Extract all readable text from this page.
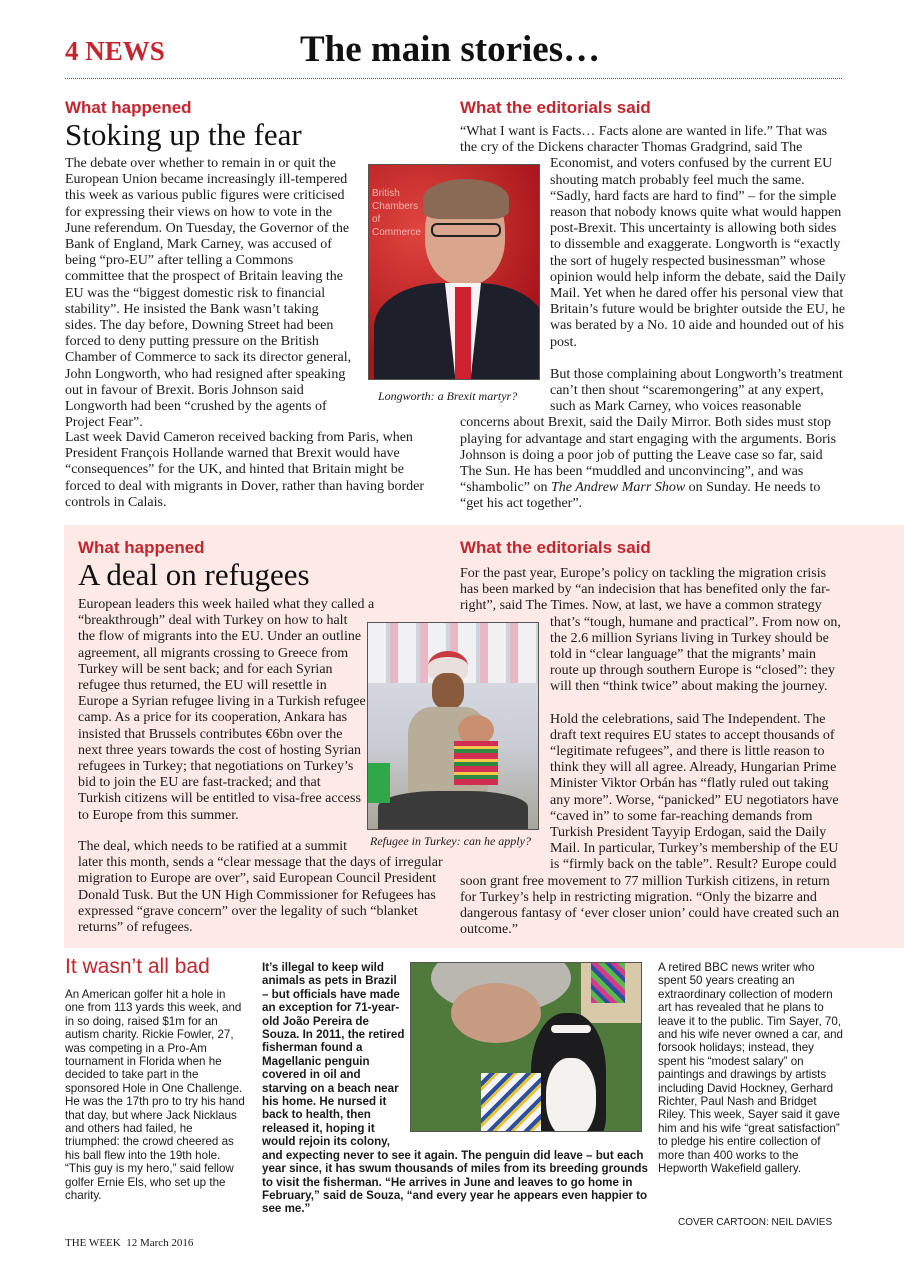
4 NEWS	The main stories…
What happened
Stoking up the fear

The debate over whether to remain in or quit the European Union became increasingly ill-tempered this week as various public figures were criticised for expressing their views on how to vote in the June referendum. On Tuesday, the Governor of the Bank of England, Mark Carney, was accused of being “pro-EU” after telling a Commons committee that the prospect of Britain leaving the EU was the “biggest domestic risk to financial stability”. He insisted the Bank wasn’t taking sides. The day before, Downing Street had been forced to deny putting pressure on the British Chamber of Commerce to sack its director general, John Longworth, who had resigned after speaking out in favour of Brexit. Boris Johnson said Longworth had been “crushed by the agents of Project Fear”.

Last week David Cameron received backing from Paris, when President François Hollande warned that Brexit would have “consequences” for the UK, and hinted that Britain might be forced to deal with migrants in Dover, rather than having border controls in Calais.

British Chambers of Commerce
Longworth: a Brexit martyr?
What the editorials said

“What I want is Facts… Facts alone are wanted in life.” That was the cry of the Dickens character Thomas Gradgrind, said The Economist, and voters confused by the current EU shouting match probably feel much the same. “Sadly, hard facts are hard to find” – for the simple reason that nobody knows quite what would happen post-Brexit. This uncertainty is allowing both sides to dissemble and exaggerate. Longworth is “exactly the sort of hugely respected businessman” whose opinion would help inform the debate, said the Daily Mail. Yet when he dared offer his personal view that Britain’s future would be brighter outside the EU, he was berated by a No. 10 aide and hounded out of his post.

But those complaining about Longworth’s treatment can’t then shout “scaremongering” at any expert, such as Mark Carney, who voices reasonable concerns about Brexit, said the Daily Mirror. Both sides must stop playing for advantage and start engaging with the arguments. Boris Johnson is doing a poor job of putting the Leave case so far, said The Sun. He has been “muddled and unconvincing”, and was “shambolic” on The Andrew Marr Show on Sunday. He needs to “get his act together”.

What happened
A deal on refugees

European leaders this week hailed what they called a “breakthrough” deal with Turkey on how to halt the flow of migrants into the EU. Under an outline agreement, all migrants crossing to Greece from Turkey will be sent back; and for each Syrian refugee thus returned, the EU will resettle in Europe a Syrian refugee living in a Turkish refugee camp. As a price for its cooperation, Ankara has insisted that Brussels contributes €6bn over the next three years towards the cost of hosting Syrian refugees in Turkey; that negotiations on Turkey’s bid to join the EU are fast-tracked; and that Turkish citizens will be entitled to visa-free access to Europe from this summer.

The deal, which needs to be ratified at a summit later this month, sends a “clear message that the days of irregular migration to Europe are over”, said European Council President Donald Tusk. But the UN High Commissioner for Refugees has expressed “grave concern” over the legality of such “blanket returns” of refugees.

Refugee in Turkey: can he apply?
What the editorials said

For the past year, Europe’s policy on tackling the migration crisis has been marked by “an indecision that has benefited only the far-right”, said The Times. Now, at last, we have a common strategy that’s “tough, humane and practical”. From now on, the 2.6 million Syrians living in Turkey should be told in “clear language” that the migrants’ main route up through southern Europe is “closed”: they will then “think twice” about making the journey.

Hold the celebrations, said The Independent. The draft text requires EU states to accept thousands of “legitimate refugees”, and there is little reason to think they will all agree. Already, Hungarian Prime Minister Viktor Orbán has “flatly ruled out taking any more”. Worse, “panicked” EU negotiators have “caved in” to some far-reaching demands from Turkish President Tayyip Erdogan, said the Daily Mail. In particular, Turkey’s membership of the EU is “firmly back on the table”. Result? Europe could soon grant free movement to 77 million Turkish citizens, in return for Turkey’s help in restricting migration. “Only the bizarre and dangerous fantasy of ‘ever closer union’ could have created such an outcome.”

It wasn’t all bad
An American golfer hit a hole in one from 113 yards this week, and in so doing, raised $1m for an autism charity. Rickie Fowler, 27, was competing in a Pro-Am tournament in Florida when he decided to take part in the sponsored Hole in One Challenge. He was the 17th pro to try his hand that day, but where Jack Nicklaus and others had failed, he triumphed: the crowd cheered as his ball flew into the 19th hole. “This guy is my hero,” said fellow golfer Ernie Els, who set up the charity.
It’s illegal to keep wild animals as pets in Brazil – but officials have made an exception for 71-year-old João Pereira de Souza. In 2011, the retired fisherman found a Magellanic penguin covered in oil and starving on a beach near his home. He nursed it back to health, then released it, hoping it would rejoin its colony, and expecting never to see it again. The penguin did leave – but each year since, it has swum thousands of miles from its breeding grounds to visit the fisherman. “He arrives in June and leaves to go home in February,” said de Souza, “and every year he appears even happier to see me.”
A retired BBC news writer who spent 50 years creating an extraordinary collection of modern art has revealed that he plans to leave it to the public. Tim Sayer, 70, and his wife never owned a car, and forsook holidays; instead, they spent his “modest salary” on paintings and drawings by artists including David Hockney, Gerhard Richter, Paul Nash and Bridget Riley. This week, Sayer said it gave him and his wife “great satisfaction” to pledge his entire collection of more than 400 works to the Hepworth Wakefield gallery.
COVER CARTOON: NEIL DAVIES
THE WEEK 12 March 2016
